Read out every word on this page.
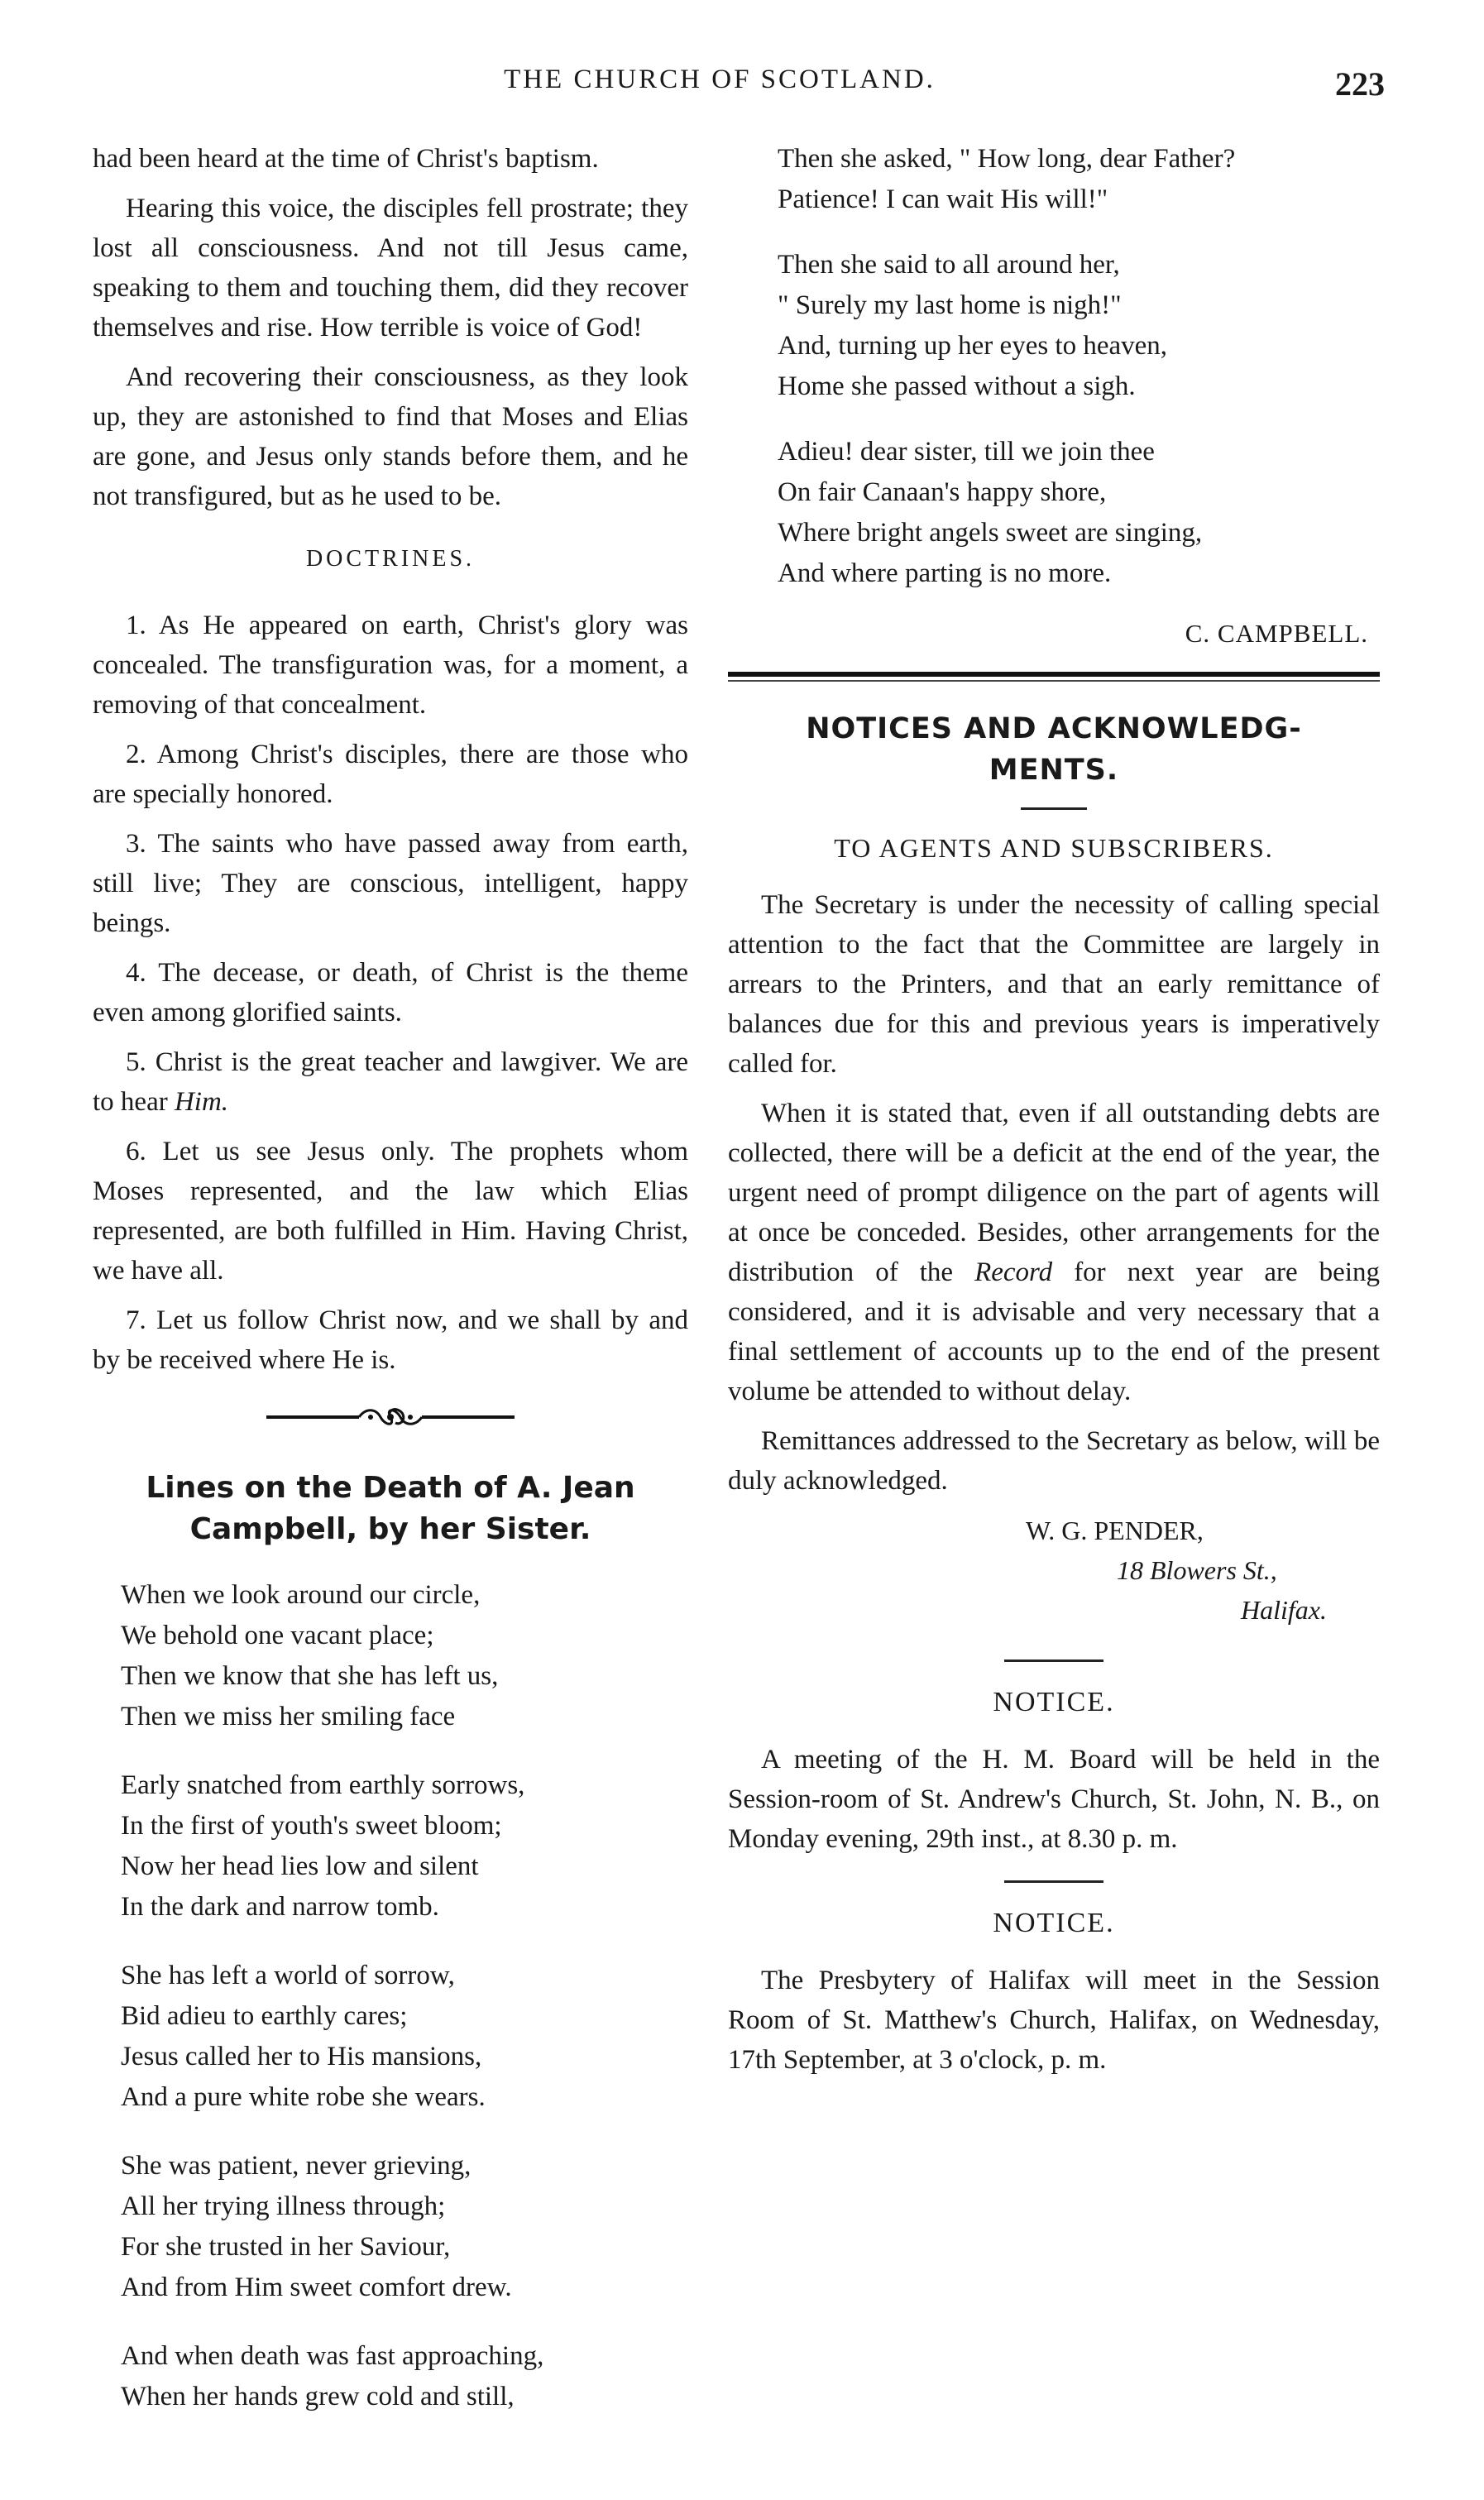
THE CHURCH OF SCOTLAND.	223

had been heard at the time of Christ's baptism.

Hearing this voice, the disciples fell prostrate; they lost all consciousness. And not till Jesus came, speaking to them and touching them, did they recover themselves and rise. How terrible is voice of God!

And recovering their consciousness, as they look up, they are astonished to find that Moses and Elias are gone, and Jesus only stands before them, and he not transfigured, but as he used to be.

DOCTRINES.

1. As He appeared on earth, Christ's glory was concealed. The transfiguration was, for a moment, a removing of that concealment.

2. Among Christ's disciples, there are those who are specially honored.

3. The saints who have passed away from earth, still live; They are conscious, intelligent, happy beings.

4. The decease, or death, of Christ is the theme even among glorified saints.

5. Christ is the great teacher and lawgiver. We are to hear Him.

6. Let us see Jesus only. The prophets whom Moses represented, and the law which Elias represented, are both fulfilled in Him. Having Christ, we have all.

7. Let us follow Christ now, and we shall by and by be received where He is.

Lines on the Death of A. Jean Campbell, by her Sister.

When we look around our circle,

We behold one vacant place;

Then we know that she has left us,

Then we miss her smiling face

Early snatched from earthly sorrows,

In the first of youth's sweet bloom;

Now her head lies low and silent

In the dark and narrow tomb.

She has left a world of sorrow,

Bid adieu to earthly cares;

Jesus called her to His mansions,

And a pure white robe she wears.

She was patient, never grieving,

All her trying illness through;

For she trusted in her Saviour,

And from Him sweet comfort drew.

And when death was fast approaching,

When her hands grew cold and still,

Then she asked, " How long, dear Father?

Patience! I can wait His will!"

Then she said to all around her,

" Surely my last home is nigh!"

And, turning up her eyes to heaven,

Home she passed without a sigh.

Adieu! dear sister, till we join thee

On fair Canaan's happy shore,

Where bright angels sweet are singing,

And where parting is no more.

C. CAMPBELL.
NOTICES AND ACKNOWLEDG-
MENTS.
TO AGENTS AND SUBSCRIBERS.

The Secretary is under the necessity of calling special attention to the fact that the Committee are largely in arrears to the Printers, and that an early remittance of balances due for this and previous years is imperatively called for.

When it is stated that, even if all outstanding debts are collected, there will be a deficit at the end of the year, the urgent need of prompt diligence on the part of agents will at once be conceded. Besides, other arrangements for the distribution of the Record for next year are being considered, and it is advisable and very necessary that a final settlement of accounts up to the end of the present volume be attended to without delay.

Remittances addressed to the Secretary as below, will be duly acknowledged.

W. G. PENDER,
18 Blowers St.,
Halifax.
NOTICE.

A meeting of the H. M. Board will be held in the Session-room of St. Andrew's Church, St. John, N. B., on Monday evening, 29th inst., at 8.30 p. m.

NOTICE.

The Presbytery of Halifax will meet in the Session Room of St. Matthew's Church, Halifax, on Wednesday, 17th September, at 3 o'clock, p. m.
